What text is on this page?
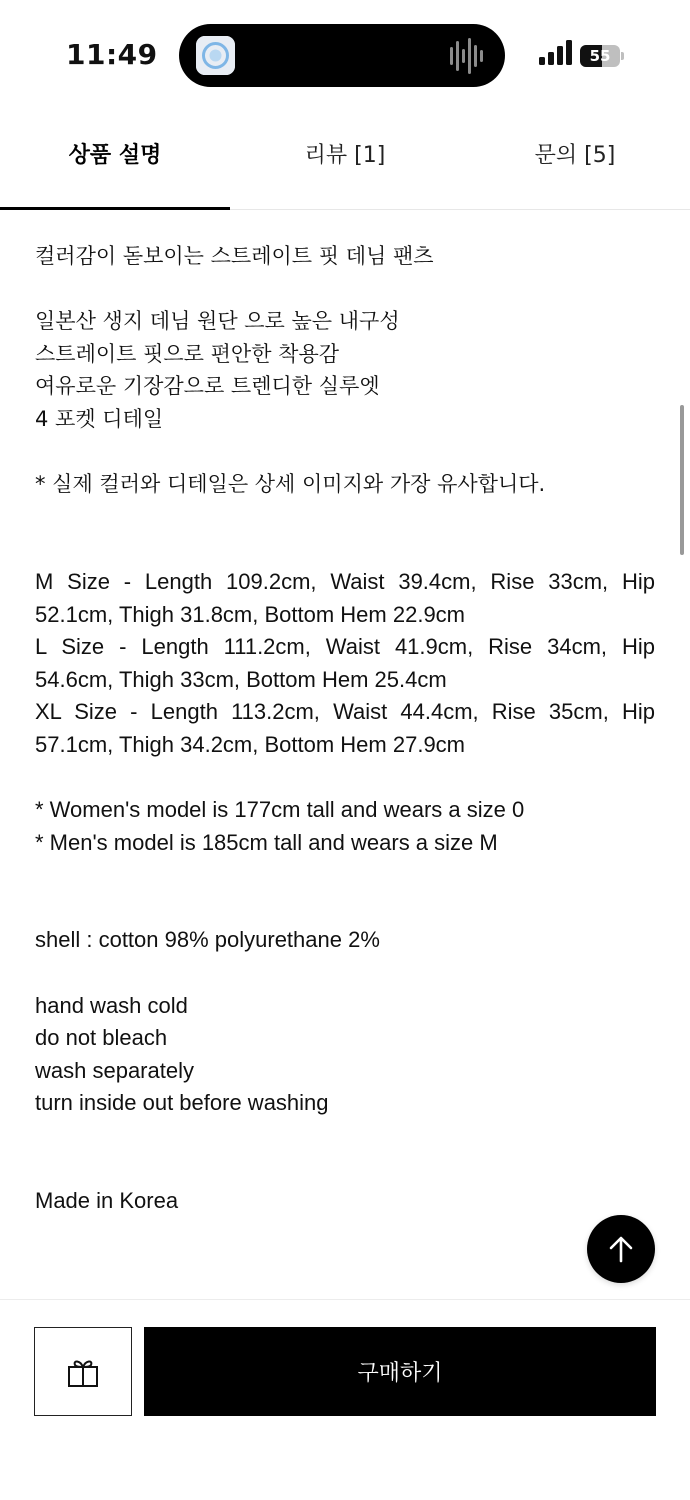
11:49	55
상품 설명	리뷰 [1]	문의 [5]

컬러감이 돋보이는 스트레이트 핏 데님 팬츠

일본산 생지 데님 원단 으로 높은 내구성

스트레이트 핏으로 편안한 착용감

여유로운 기장감으로 트렌디한 실루엣

4 포켓 디테일

* 실제 컬러와 디테일은 상세 이미지와 가장 유사합니다.

M Size - Length 109.2cm, Waist 39.4cm, Rise 33cm, Hip 52.1cm, Thigh 31.8cm, Bottom Hem 22.9cm

L Size - Length 111.2cm, Waist 41.9cm, Rise 34cm, Hip 54.6cm, Thigh 33cm, Bottom Hem 25.4cm

XL Size - Length 113.2cm, Waist 44.4cm, Rise 35cm, Hip 57.1cm, Thigh 34.2cm, Bottom Hem 27.9cm

* Women's model is 177cm tall and wears a size 0

* Men's model is 185cm tall and wears a size M

shell : cotton 98% polyurethane 2%

hand wash cold

do not bleach

wash separately

turn inside out before washing

Made in Korea

구매하기
